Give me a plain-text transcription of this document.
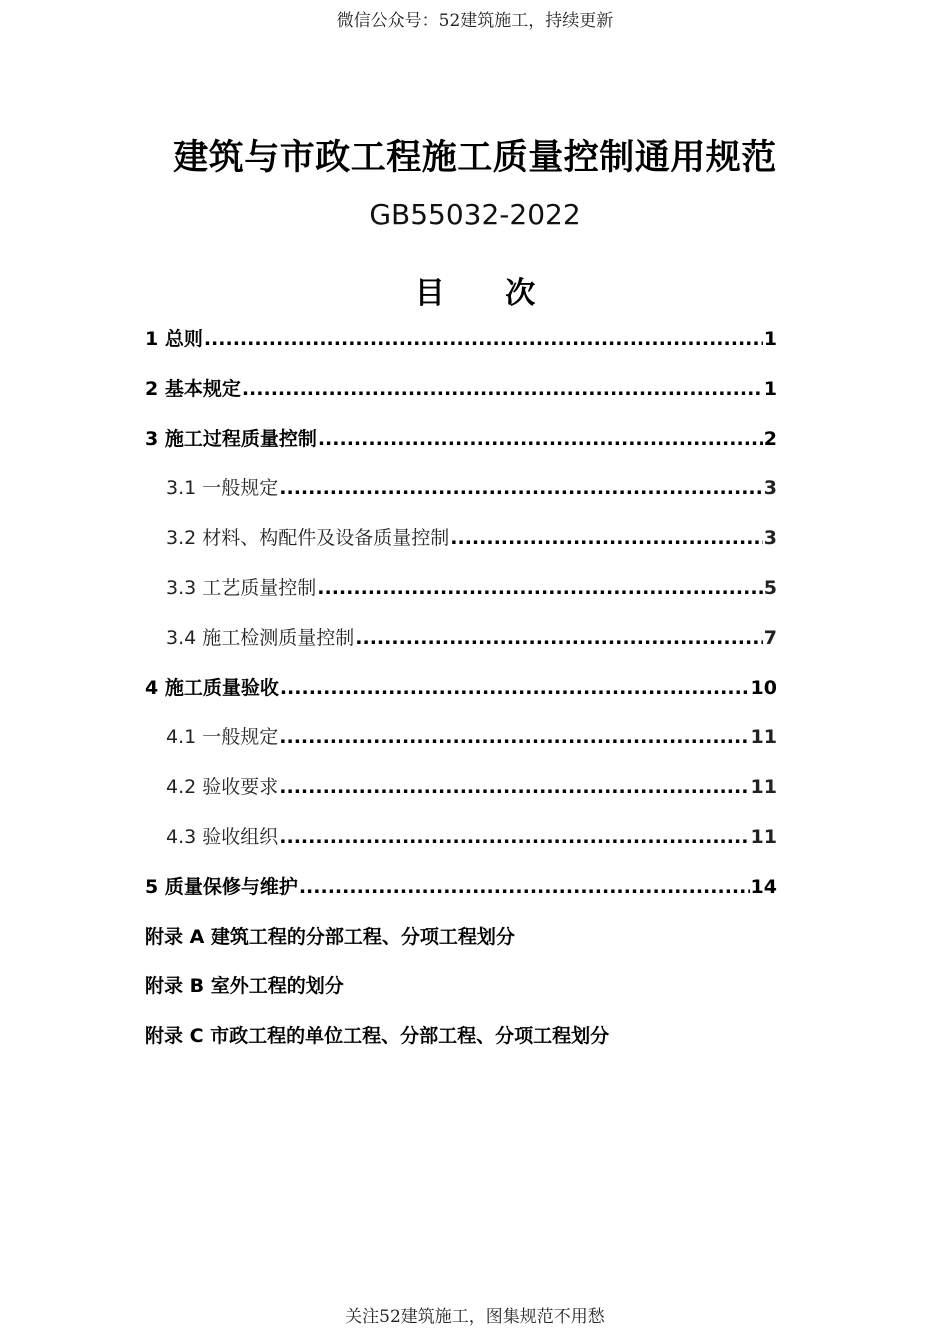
微信公众号：52建筑施工，持续更新
建筑与市政工程施工质量控制通用规范
GB55032-2022
目 次
1 总则 .....	1
2 基本规定 .....	1
3 施工过程质量控制 .....	2
3.1 一般规定 .....	3
3.2 材料、构配件及设备质量控制 .....	3
3.3 工艺质量控制 .....	5
3.4 施工检测质量控制 .....	7
4 施工质量验收 .....	10
4.1 一般规定 .....	11
4.2 验收要求 .....	11
4.3 验收组织 .....	11
5 质量保修与维护 .....	14
附录 A 建筑工程的分部工程、分项工程划分
附录 B 室外工程的划分
附录 C 市政工程的单位工程、分部工程、分项工程划分
关注52建筑施工，图集规范不用愁
